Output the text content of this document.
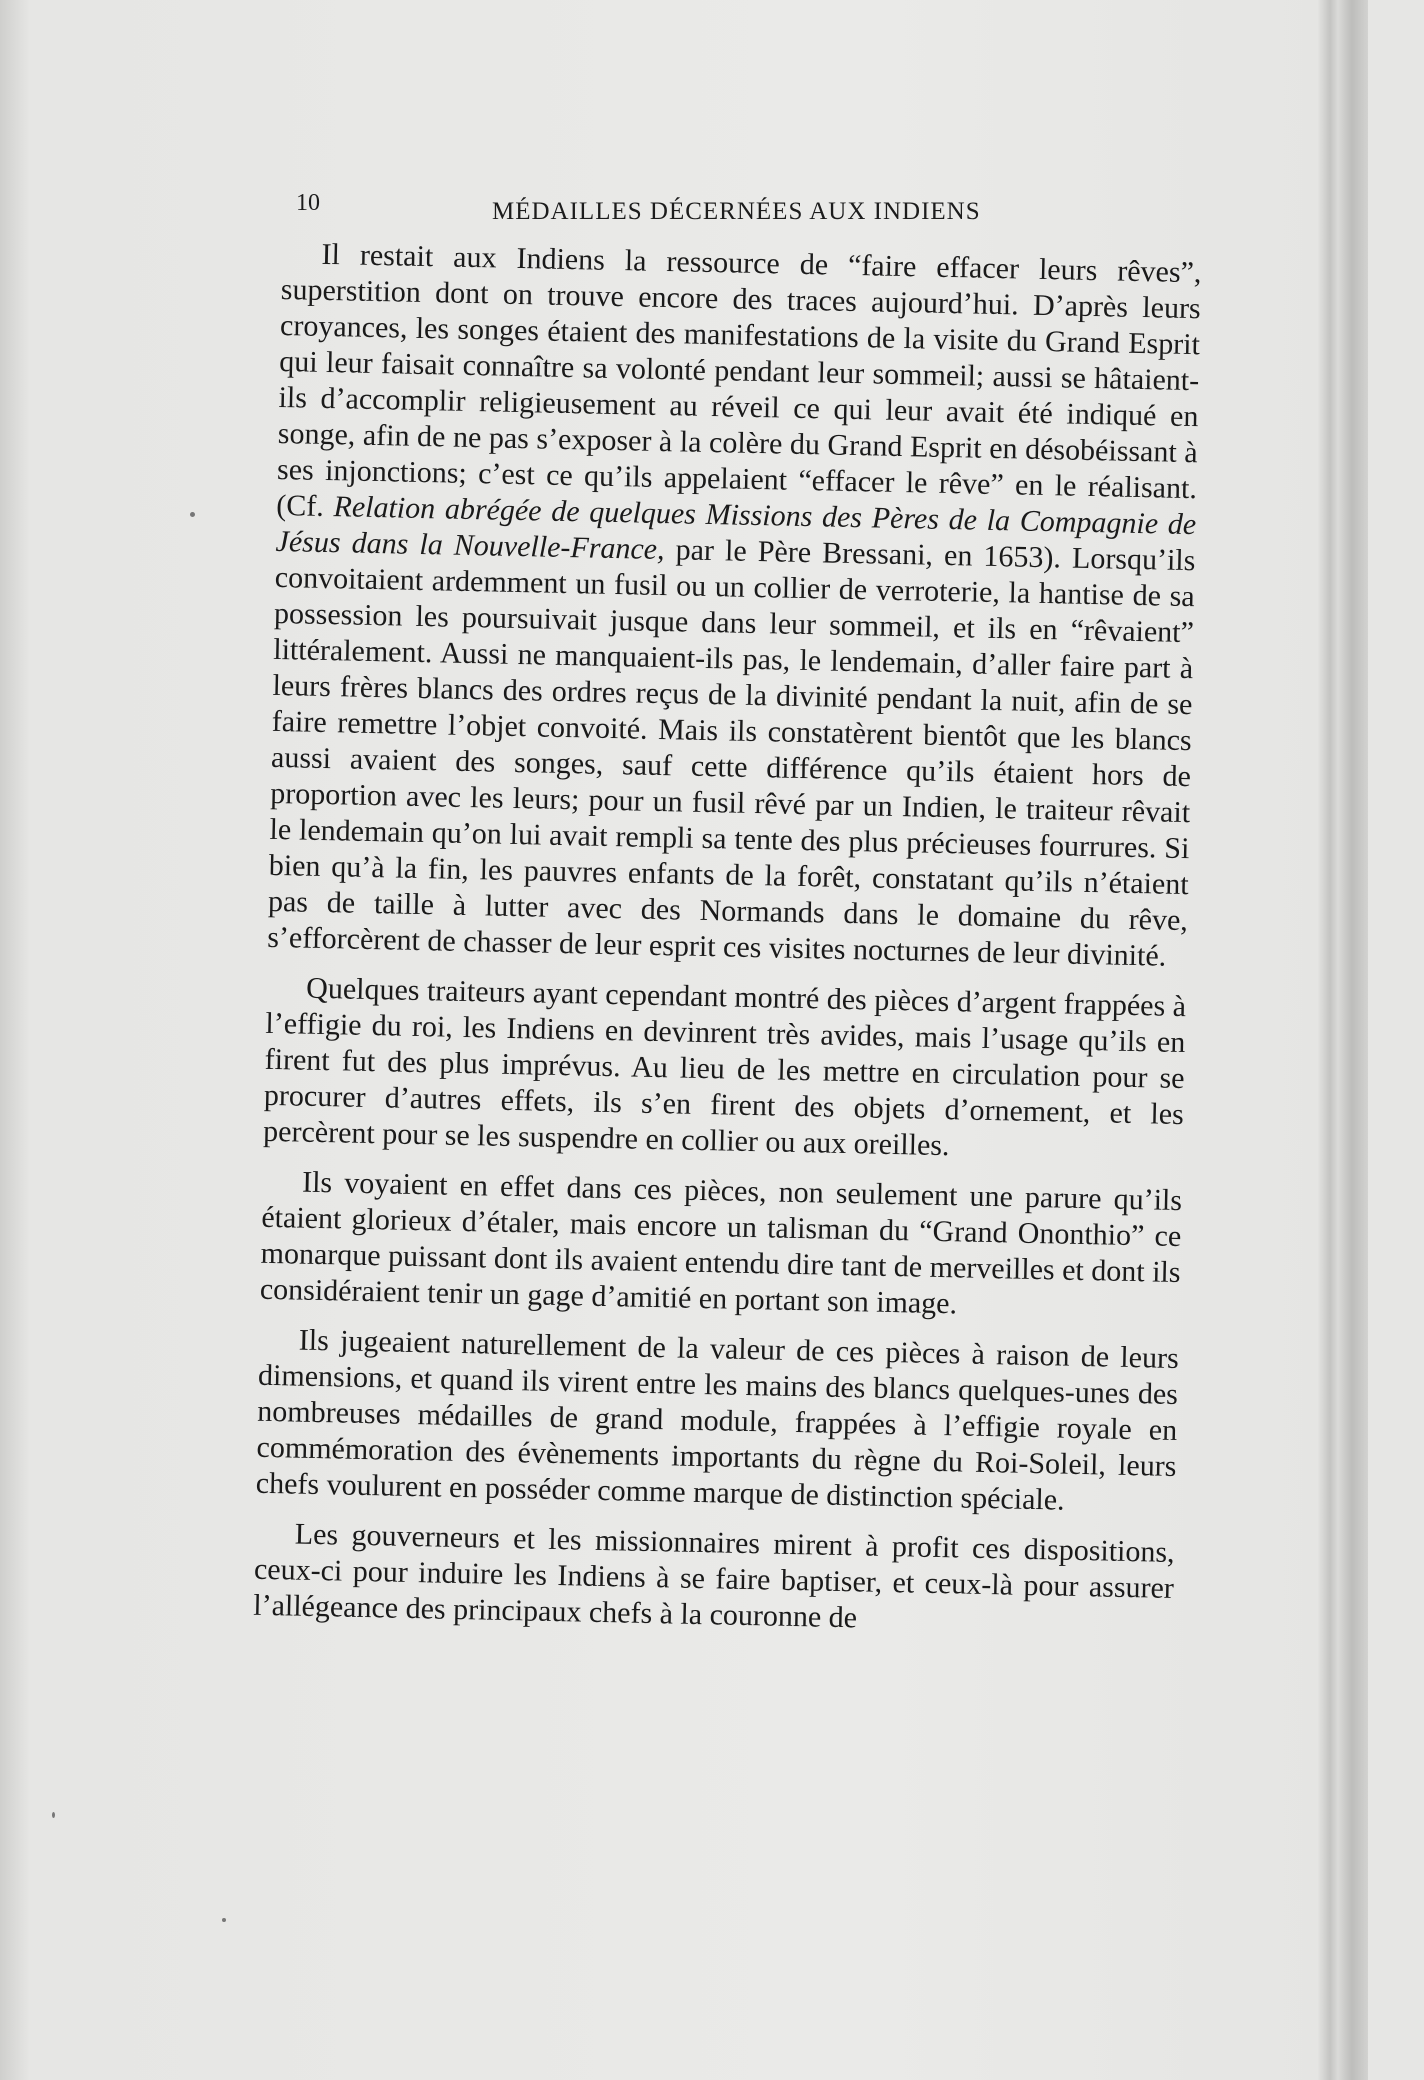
10	MÉDAILLES DÉCERNÉES AUX INDIENS

Il restait aux Indiens la ressource de “faire effacer leurs rêves”, superstition dont on trouve encore des traces aujourd’hui. D’après leurs croyances, les songes étaient des manifestations de la visite du Grand Esprit qui leur faisait connaître sa volonté pendant leur sommeil; aussi se hâtaient-ils d’accomplir religieusement au réveil ce qui leur avait été indiqué en songe, afin de ne pas s’exposer à la colère du Grand Esprit en désobéissant à ses injonctions; c’est ce qu’ils appelaient “effacer le rêve” en le réalisant. (Cf. Relation abrégée de quelques Missions des Pères de la Compagnie de Jésus dans la Nouvelle-France, par le Père Bressani, en 1653). Lorsqu’ils convoitaient ardemment un fusil ou un collier de verroterie, la hantise de sa possession les poursuivait jusque dans leur sommeil, et ils en “rêvaient” littéralement. Aussi ne manquaient-ils pas, le lendemain, d’aller faire part à leurs frères blancs des ordres reçus de la divinité pendant la nuit, afin de se faire remettre l’objet convoité. Mais ils constatèrent bientôt que les blancs aussi avaient des songes, sauf cette différence qu’ils étaient hors de proportion avec les leurs; pour un fusil rêvé par un Indien, le traiteur rêvait le lendemain qu’on lui avait rempli sa tente des plus précieuses fourrures. Si bien qu’à la fin, les pauvres enfants de la forêt, constatant qu’ils n’étaient pas de taille à lutter avec des Normands dans le domaine du rêve, s’efforcèrent de chasser de leur esprit ces visites nocturnes de leur divinité.

Quelques traiteurs ayant cependant montré des pièces d’argent frappées à l’effigie du roi, les Indiens en devinrent très avides, mais l’usage qu’ils en firent fut des plus imprévus. Au lieu de les mettre en circulation pour se procurer d’autres effets, ils s’en firent des objets d’ornement, et les percèrent pour se les suspendre en collier ou aux oreilles.

Ils voyaient en effet dans ces pièces, non seulement une parure qu’ils étaient glorieux d’étaler, mais encore un talisman du “Grand Ononthio” ce monarque puissant dont ils avaient entendu dire tant de merveilles et dont ils considéraient tenir un gage d’amitié en portant son image.

Ils jugeaient naturellement de la valeur de ces pièces à raison de leurs dimensions, et quand ils virent entre les mains des blancs quelques-unes des nombreuses médailles de grand module, frappées à l’effigie royale en commémoration des évènements importants du règne du Roi-Soleil, leurs chefs voulurent en posséder comme marque de distinction spéciale.

Les gouverneurs et les missionnaires mirent à profit ces dispositions, ceux-ci pour induire les Indiens à se faire baptiser, et ceux-là pour assurer l’allégeance des principaux chefs à la couronne de
